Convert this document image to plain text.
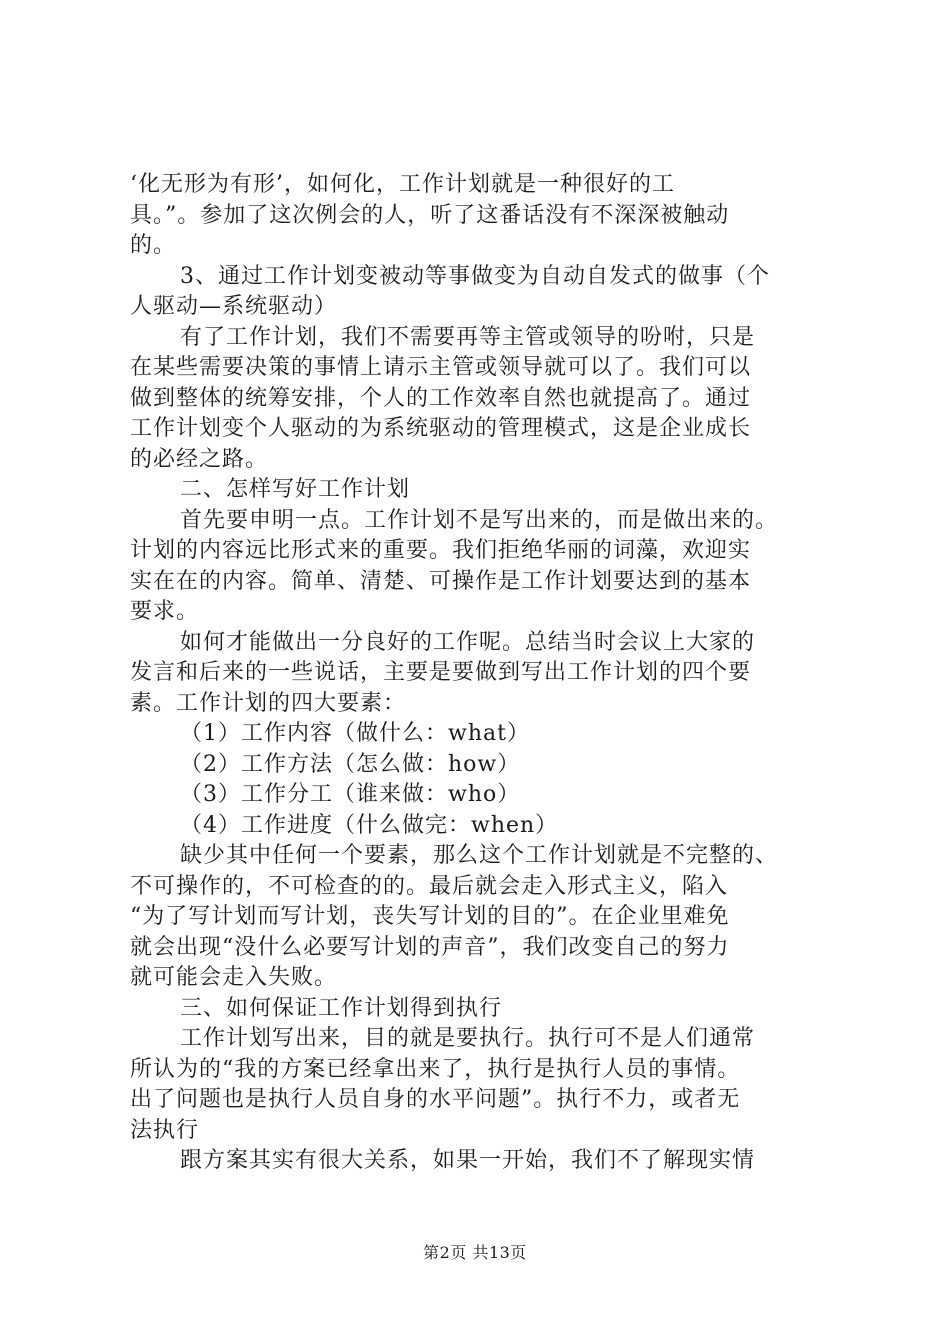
‘化无形为有形’，如何化，工作计划就是一种很好的工
具。”。参加了这次例会的人，听了这番话没有不深深被触动
的。
3、通过工作计划变被动等事做变为自动自发式的做事（个
人驱动—系统驱动）
有了工作计划，我们不需要再等主管或领导的吩咐，只是
在某些需要决策的事情上请示主管或领导就可以了。我们可以
做到整体的统筹安排，个人的工作效率自然也就提高了。通过
工作计划变个人驱动的为系统驱动的管理模式，这是企业成长
的必经之路。
二、怎样写好工作计划
首先要申明一点。工作计划不是写出来的，而是做出来的。
计划的内容远比形式来的重要。我们拒绝华丽的词藻，欢迎实
实在在的内容。简单、清楚、可操作是工作计划要达到的基本
要求。
如何才能做出一分良好的工作呢。总结当时会议上大家的
发言和后来的一些说话，主要是要做到写出工作计划的四个要
素。工作计划的四大要素：
（1）工作内容（做什么：what）
（2）工作方法（怎么做：how）
（3）工作分工（谁来做：who）
（4）工作进度（什么做完：when）
缺少其中任何一个要素，那么这个工作计划就是不完整的、
不可操作的，不可检查的的。最后就会走入形式主义，陷入
“为了写计划而写计划，丧失写计划的目的”。在企业里难免
就会出现“没什么必要写计划的声音”，我们改变自己的努力
就可能会走入失败。
三、如何保证工作计划得到执行
工作计划写出来，目的就是要执行。执行可不是人们通常
所认为的“我的方案已经拿出来了，执行是执行人员的事情。
出了问题也是执行人员自身的水平问题”。执行不力，或者无
法执行
跟方案其实有很大关系，如果一开始，我们不了解现实情
第2页 共13页
